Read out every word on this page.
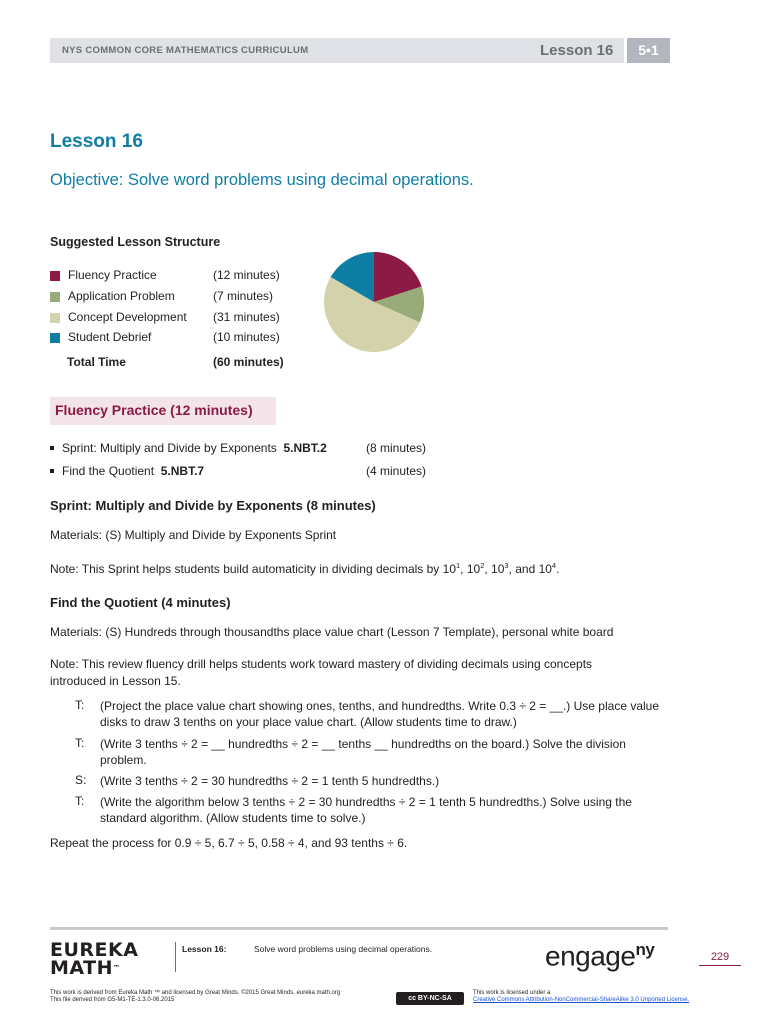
NYS COMMON CORE MATHEMATICS CURRICULUM	Lesson 16	5•1
Lesson 16
Objective: Solve word problems using decimal operations.
Suggested Lesson Structure
Fluency Practice	(12 minutes)
Application Problem	(7 minutes)
Concept Development (31 minutes)
Student Debrief	(10 minutes)
Total Time	(60 minutes)
Fluency Practice (12 minutes)
Sprint: Multiply and Divide by Exponents 5.NBT.2	(8 minutes)
Find the Quotient 5.NBT.7	(4 minutes)
Sprint: Multiply and Divide by Exponents (8 minutes)
Materials: (S) Multiply and Divide by Exponents Sprint
Note: This Sprint helps students build automaticity in dividing decimals by $10^1$, $10^2$, $10^3$, and $10^4$.
Find the Quotient (4 minutes)
Materials: (S) Hundreds through thousandths place value chart (Lesson 7 Template), personal white board
Note: This review fluency drill helps students work toward mastery of dividing decimals using concepts
introduced in Lesson 15.
T: (Project the place value chart showing ones, tenths, and hundredths. Write 0.3 ÷ 2 = __.) Use place value disks to draw 3 tenths on your place value chart. (Allow students time to draw.)
T: (Write 3 tenths ÷ 2 = __ hundredths ÷ 2 = __ tenths __ hundredths on the board.) Solve the division problem.
S: (Write 3 tenths ÷ 2 = 30 hundredths ÷ 2 = 1 tenth 5 hundredths.)
T: (Write the algorithm below 3 tenths ÷ 2 = 30 hundredths ÷ 2 = 1 tenth 5 hundredths.) Solve using the standard algorithm. (Allow students time to solve.)
Repeat the process for 0.9 ÷ 5, 6.7 ÷ 5, 0.58 ÷ 4, and 93 tenths ÷ 6.
EUREKA
MATH™
Lesson 16:	Solve word problems using decimal operations.	engage$^{ny}$	229
This work is derived from Eureka Math ™ and licensed by Great Minds. ©2015 Great Minds. eureka math.org
This file derived from G5-M1-TE-1.3.0-06.2015	cc BY-NC-SA
This work is licensed under a
Creative Commons Attribution-NonCommercial-ShareAlike 3.0 Unported License.
